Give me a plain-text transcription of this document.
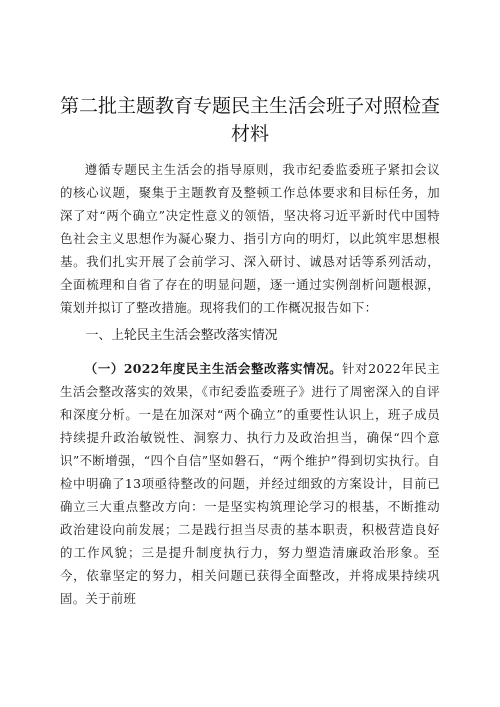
第二批主题教育专题民主生活会班子对照检查
材料

遵循专题民主生活会的指导原则，我市纪委监委班子紧扣会议的核心议题，聚集于主题教育及整顿工作总体要求和目标任务，加深了对“两个确立”决定性意义的领悟，坚决将习近平新时代中国特色社会主义思想作为凝心聚力、指引方向的明灯，以此筑牢思想根基。我们扎实开展了会前学习、深入研讨、诚恳对话等系列活动，全面梳理和自省了存在的明显问题，逐一通过实例剖析问题根源，策划并拟订了整改措施。现将我们的工作概况报告如下：

一、上轮民主生活会整改落实情况

（一）2022年度民主生活会整改落实情况。针对2022年民主生活会整改落实的效果，《市纪委监委班子》进行了周密深入的自评和深度分析。一是在加深对“两个确立”的重要性认识上，班子成员持续提升政治敏锐性、洞察力、执行力及政治担当，确保“四个意识”不断增强，“四个自信”坚如磐石，“两个维护”得到切实执行。自检中明确了13项亟待整改的问题，并经过细致的方案设计，目前已确立三大重点整改方向：一是坚实构筑理论学习的根基，不断推动政治建设向前发展；二是践行担当尽责的基本职责，积极营造良好的工作风貌；三是提升制度执行力，努力塑造清廉政治形象。至今，依靠坚定的努力，相关问题已获得全面整改，并将成果持续巩固。关于前班
